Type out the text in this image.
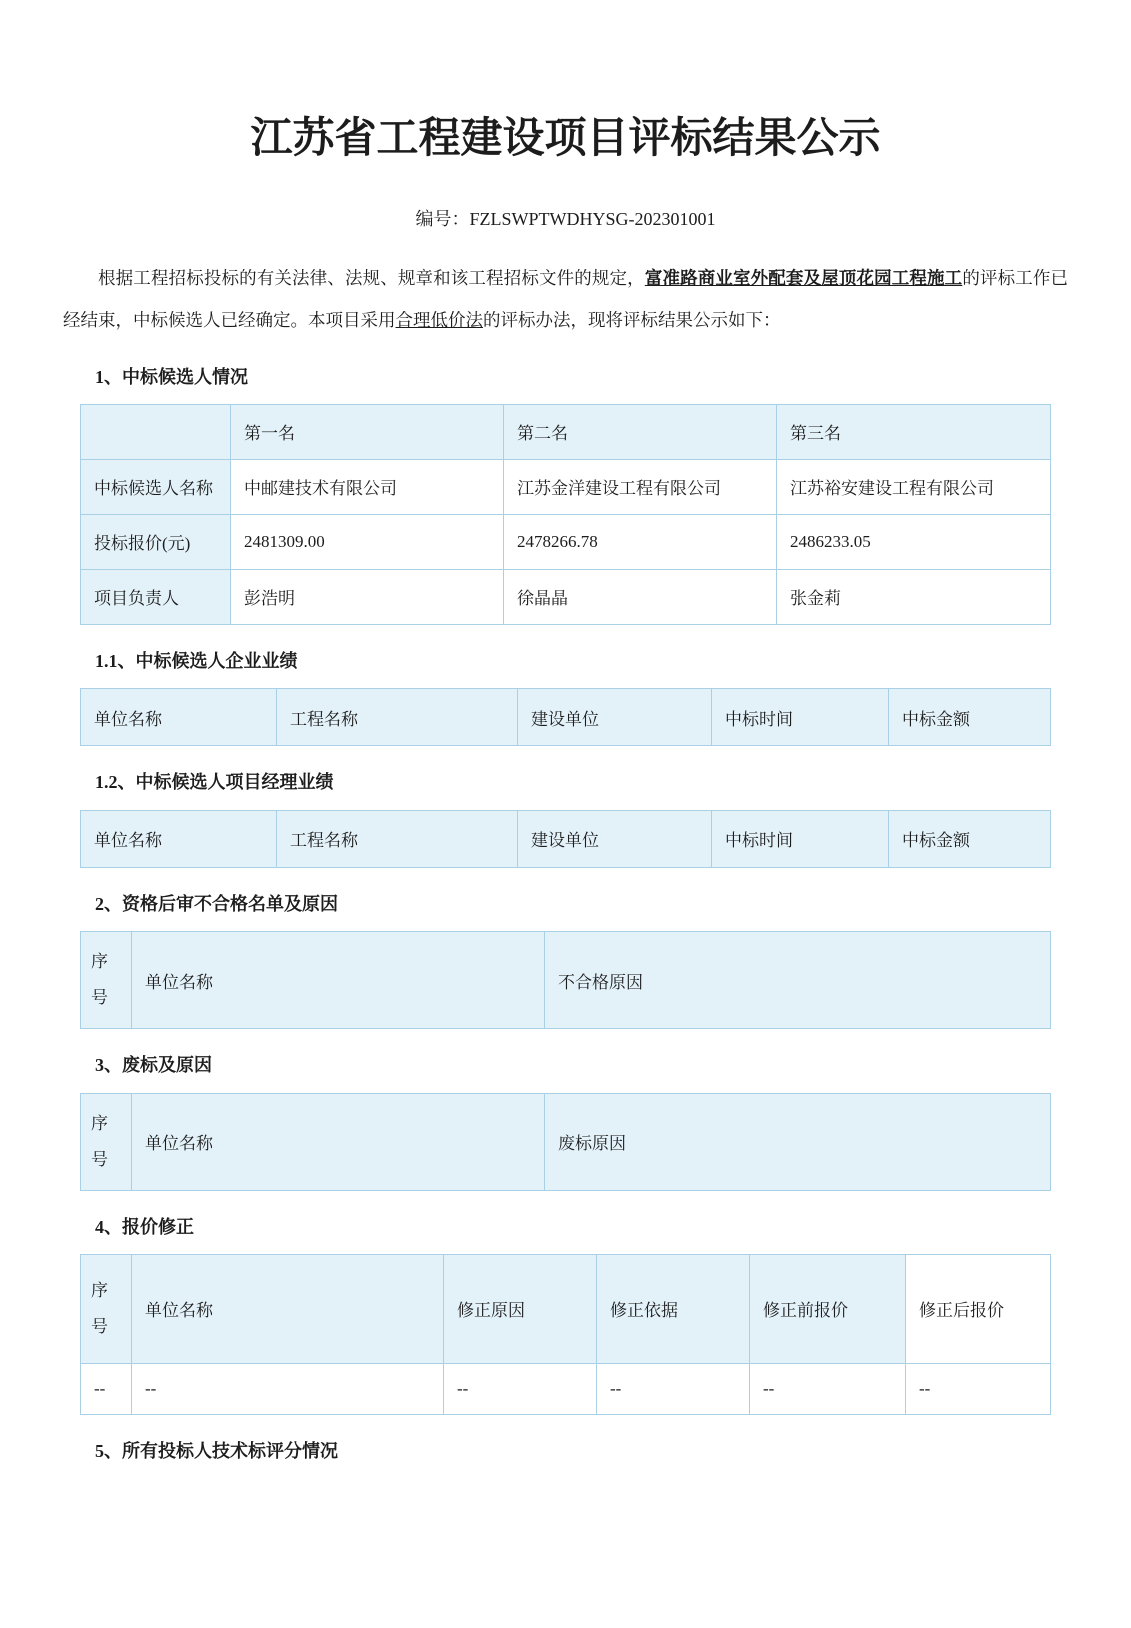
江苏省工程建设项目评标结果公示
编号：FZLSWPTWDHYSG-202301001

根据工程招标投标的有关法律、法规、规章和该工程招标文件的规定，富准路商业室外配套及屋顶花园工程施工的评标工作已经结束，中标候选人已经确定。本项目采用合理低价法的评标办法，现将评标结果公示如下：

1、中标候选人情况
	第一名	第二名	第三名
中标候选人名称	中邮建技术有限公司	江苏金洋建设工程有限公司	江苏裕安建设工程有限公司
投标报价(元)	2481309.00	2478266.78	2486233.05
项目负责人	彭浩明	徐晶晶	张金莉
1.1、中标候选人企业业绩
单位名称	工程名称	建设单位	中标时间	中标金额
1.2、中标候选人项目经理业绩
单位名称	工程名称	建设单位	中标时间	中标金额
2、资格后审不合格名单及原因
序号	单位名称	不合格原因
3、废标及原因
序号	单位名称	废标原因
4、报价修正
序号	单位名称	修正原因	修正依据	修正前报价	修正后报价
--	--	--	--	--	--
5、所有投标人技术标评分情况
